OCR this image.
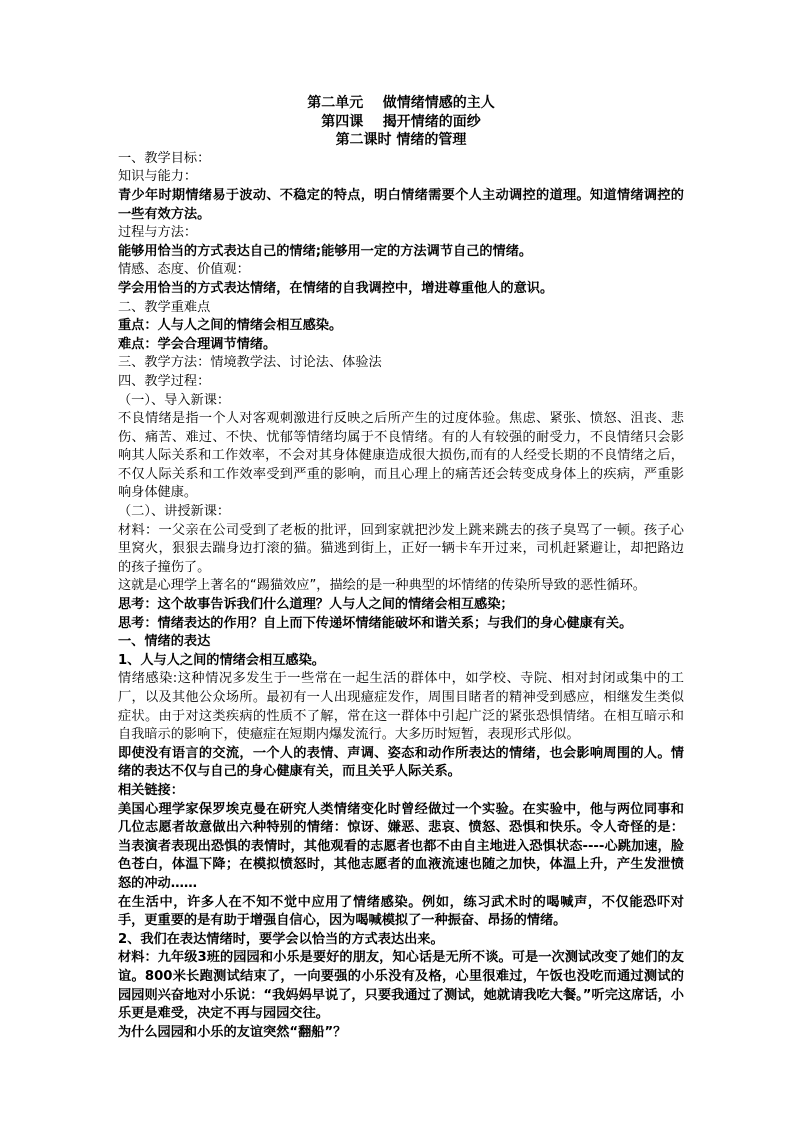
第二单元    做情绪情感的主人
第四课    揭开情绪的面纱
第二课时 情绪的管理

一、教学目标：

知识与能力：

青少年时期情绪易于波动、不稳定的特点，明白情绪需要个人主动调控的道理。知道情绪调控的一些有效方法。

过程与方法：

能够用恰当的方式表达自己的情绪;能够用一定的方法调节自己的情绪。

情感、态度、价值观：

学会用恰当的方式表达情绪，在情绪的自我调控中，增进尊重他人的意识。

二、教学重难点

重点：人与人之间的情绪会相互感染。

难点：学会合理调节情绪。

三、教学方法：情境教学法、讨论法、体验法

四、教学过程：

（一）、导入新课：

不良情绪是指一个人对客观刺激进行反映之后所产生的过度体验。焦虑、紧张、愤怒、沮丧、悲伤、痛苦、难过、不快、忧郁等情绪均属于不良情绪。有的人有较强的耐受力，不良情绪只会影响其人际关系和工作效率，不会对其身体健康造成很大损伤,而有的人经受长期的不良情绪之后，不仅人际关系和工作效率受到严重的影响，而且心理上的痛苦还会转变成身体上的疾病，严重影响身体健康。

（二）、讲授新课：

材料：一父亲在公司受到了老板的批评，回到家就把沙发上跳来跳去的孩子臭骂了一顿。孩子心里窝火，狠狠去踹身边打滚的猫。猫逃到街上，正好一辆卡车开过来，司机赶紧避让，却把路边的孩子撞伤了。

这就是心理学上著名的“踢猫效应”，描绘的是一种典型的坏情绪的传染所导致的恶性循环。

思考：这个故事告诉我们什么道理？人与人之间的情绪会相互感染；

思考：情绪表达的作用？自上而下传递坏情绪能破坏和谐关系；与我们的身心健康有关。

一、情绪的表达

1、人与人之间的情绪会相互感染。

情绪感染:这种情况多发生于一些常在一起生活的群体中，如学校、寺院、相对封闭或集中的工厂，以及其他公众场所。最初有一人出现癔症发作，周围目睹者的精神受到感应，相继发生类似症状。由于对这类疾病的性质不了解，常在这一群体中引起广泛的紧张恐惧情绪。在相互暗示和自我暗示的影响下，使癔症在短期内爆发流行。大多历时短暂，表现形式彤似。

即使没有语言的交流，一个人的表情、声调、姿态和动作所表达的情绪，也会影响周围的人。情绪的表达不仅与自己的身心健康有关，而且关乎人际关系。

相关链接：

美国心理学家保罗埃克曼在研究人类情绪变化时曾经做过一个实验。在实验中，他与两位同事和几位志愿者故意做出六种特别的情绪：惊讶、嫌恶、悲哀、愤怒、恐惧和快乐。令人奇怪的是：当表演者表现出恐惧的表情时，其他观看的志愿者也都不由自主地进入恐惧状态----心跳加速，脸色苍白，体温下降；在模拟愤怒时，其他志愿者的血液流速也随之加快，体温上升，产生发泄愤怒的冲动……

在生活中，许多人在不知不觉中应用了情绪感染。例如，练习武术时的喝喊声，不仅能恐吓对手，更重要的是有助于增强自信心，因为喝喊模拟了一种振奋、昂扬的情绪。

2、我们在表达情绪时，要学会以恰当的方式表达出来。

材料：九年级3班的园园和小乐是要好的朋友，知心话是无所不谈。可是一次测试改变了她们的友谊。800米长跑测试结束了，一向要强的小乐没有及格，心里很难过，午饭也没吃而通过测试的园园则兴奋地对小乐说：“我妈妈早说了，只要我通过了测试，她就请我吃大餐。”听完这席话，小乐更是难受，决定不再与园园交往。

为什么园园和小乐的友谊突然“翻船”？
